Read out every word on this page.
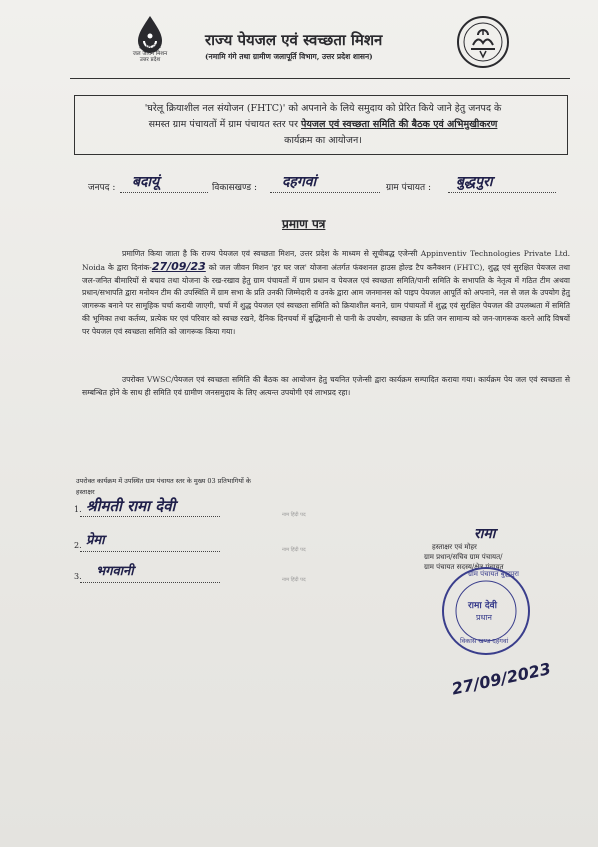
हर घर जल
जल जीवन मिशन
उत्तर प्रदेश
राज्य पेयजल एवं स्वच्छता मिशन
(नमामि गंगे तथा ग्रामीण जलापूर्ति विभाग, उत्तर प्रदेश शासन)
'घरेलू क्रियाशील नल संयोजन (FHTC)' को अपनाने के लिये समुदाय को प्रेरित किये जाने हेतु जनपद के
समस्त ग्राम पंचायतों में ग्राम पंचायत स्तर पर पेयजल एवं स्वच्छता समिति की बैठक एवं अभिमुखीकरण
कार्यक्रम का आयोजन।
जनपद : बदायूं	विकासखण्ड : दहगवां	ग्राम पंचायत : बुद्धपुरा
प्रमाण पत्र
प्रमाणित किया जाता है कि राज्य पेयजल एवं स्वच्छता मिशन, उत्तर प्रदेश के माध्यम से सूचीबद्ध एजेन्सी Appinventiv Technologies Private Ltd. Noida के द्वारा दिनांक-27/09/23 को जल जीवन मिशन 'हर घर जल' योजना अंतर्गत फंक्शनल हाउस होल्ड टैप कनैक्शन (FHTC), शुद्ध एवं सुरक्षित पेयजल तथा जल-जनित बीमारियों से बचाव तथा योजना के रख-रखाव हेतु ग्राम पंचायतों में ग्राम प्रधान व पेयजल एवं स्वच्छता समिति/पानी समिति के सभापति के नेतृत्व में गठित टीम अथवा प्रधान/सभापति द्वारा मनोयन टीम की उपस्थिति में ग्राम सभा के प्रति उनकी जिम्मेदारी व उनके द्वारा आम जनमानस को पाइप पेयजल आपूर्ति को अपनाने, नल से जल के उपयोग हेतु जागरूक बनाने पर सामूहिक चर्चा करायी जाएगी, चर्चा में शुद्ध पेयजल एवं स्वच्छता समिति को क्रियाशील बनाने, ग्राम पंचायतों में शुद्ध एवं सुरक्षित पेयजल की उपलब्धता में समिति की भूमिका तथा कर्तव्य, प्रत्येक घर एवं परिवार को स्वच्छ रखने, दैनिक दिनचर्या में बुद्धिमानी से पानी के उपयोग, स्वच्छता के प्रति जन सामान्य को जन-जागरूक करने आदि विषयों पर पेयजल एवं स्वच्छता समिति को जागरूक किया गया।
उपरोक्त VWSC/पेयजल एवं स्वच्छता समिति की बैठक का आयोजन हेतु चयनित एजेन्सी द्वारा कार्यक्रम सम्पादित कराया गया। कार्यक्रम पेय जल एवं स्वच्छता से सम्बन्धित होने के साथ ही समिति एवं ग्रामीण जनसमुदाय के लिए अत्यन्त उपयोगी एवं लाभप्रद रहा।
उपरोक्त कार्यक्रम में उपस्थित ग्राम पंचायत स्तर के मुख्य 03 प्रतिभागियों के
हस्ताक्षर
1. श्रीमती रामा देवी	नाम हिंदी पद
2. प्रेमा
नाम हिंदी पद
3. भगवानी
नाम हिंदी पद
रामा
हस्ताक्षर एवं मोहर
ग्राम प्रधान/सचिव ग्राम पंचायत/
ग्राम पंचायत सदस्य/क्षेत्र पंचायत
ग्राम पंचायत बुद्धपुरा
रामा देवी
प्रधान
विकास खण्ड दहगवां
27/09/2023
